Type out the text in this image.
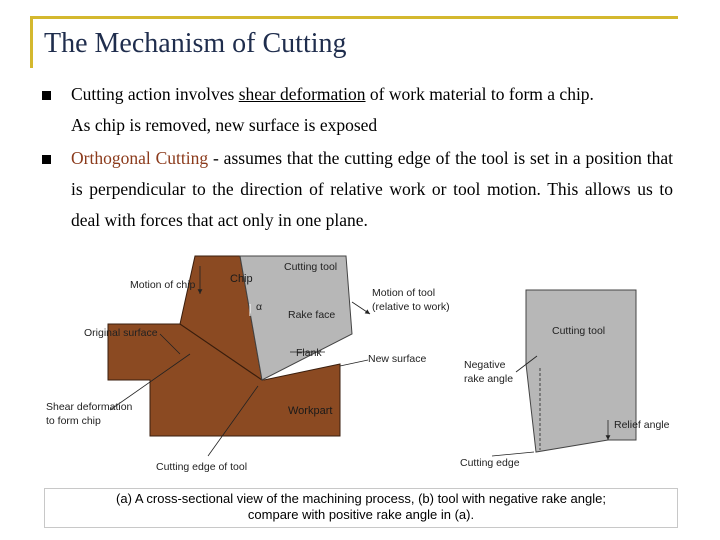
The Mechanism of Cutting
Cutting action involves shear deformation of work material to form a chip.
As chip is removed, new surface is exposed
Orthogonal Cutting - assumes that the cutting edge of the tool is set in a position that is perpendicular to the direction of relative work or tool motion. This allows us to deal with forces that act only in one plane.
Motion of chip	Chip
Cutting tool
α
Motion of tool
(relative to work)
Rake face
Original surface
Flank	New surface
Shear deformation
to form chip
Workpart
Cutting edge of tool
Cutting tool
Negative
rake angle
Relief angle
Cutting edge
(a) A cross-sectional view of the machining process, (b) tool with negative rake angle;
compare with positive rake angle in (a).
